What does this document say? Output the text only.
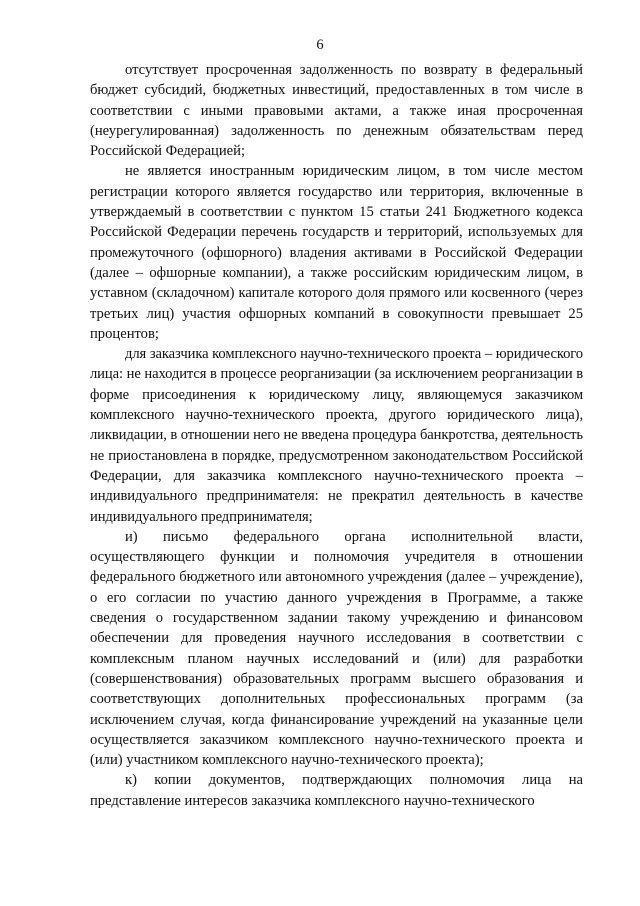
6

отсутствует просроченная задолженность по возврату в федеральный бюджет субсидий, бюджетных инвестиций, предоставленных в том числе в соответствии с иными правовыми актами, а также иная просроченная (неурегулированная) задолженность по денежным обязательствам перед Российской Федерацией;

не является иностранным юридическим лицом, в том числе местом регистрации которого является государство или территория, включенные в утверждаемый в соответствии с пунктом 15 статьи 241 Бюджетного кодекса Российской Федерации перечень государств и территорий, используемых для промежуточного (офшорного) владения активами в Российской Федерации (далее – офшорные компании), а также российским юридическим лицом, в уставном (складочном) капитале которого доля прямого или косвенного (через третьих лиц) участия офшорных компаний в совокупности превышает 25 процентов;

для заказчика комплексного научно-технического проекта – юридического лица: не находится в процессе реорганизации (за исключением реорганизации в форме присоединения к юридическому лицу, являющемуся заказчиком комплексного научно-технического проекта, другого юридического лица), ликвидации, в отношении него не введена процедура банкротства, деятельность не приостановлена в порядке, предусмотренном законодательством Российской Федерации, для заказчика комплексного научно-технического проекта – индивидуального предпринимателя: не прекратил деятельность в качестве индивидуального предпринимателя;

и) письмо федерального органа исполнительной власти, осуществляющего функции и полномочия учредителя в отношении федерального бюджетного или автономного учреждения (далее – учреждение), о его согласии по участию данного учреждения в Программе, а также сведения о государственном задании такому учреждению и финансовом обеспечении для проведения научного исследования в соответствии с комплексным планом научных исследований и (или) для разработки (совершенствования) образовательных программ высшего образования и соответствующих дополнительных профессиональных программ (за исключением случая, когда финансирование учреждений на указанные цели осуществляется заказчиком комплексного научно-технического проекта и (или) участником комплексного научно-технического проекта);

к) копии документов, подтверждающих полномочия лица на представление интересов заказчика комплексного научно-технического
